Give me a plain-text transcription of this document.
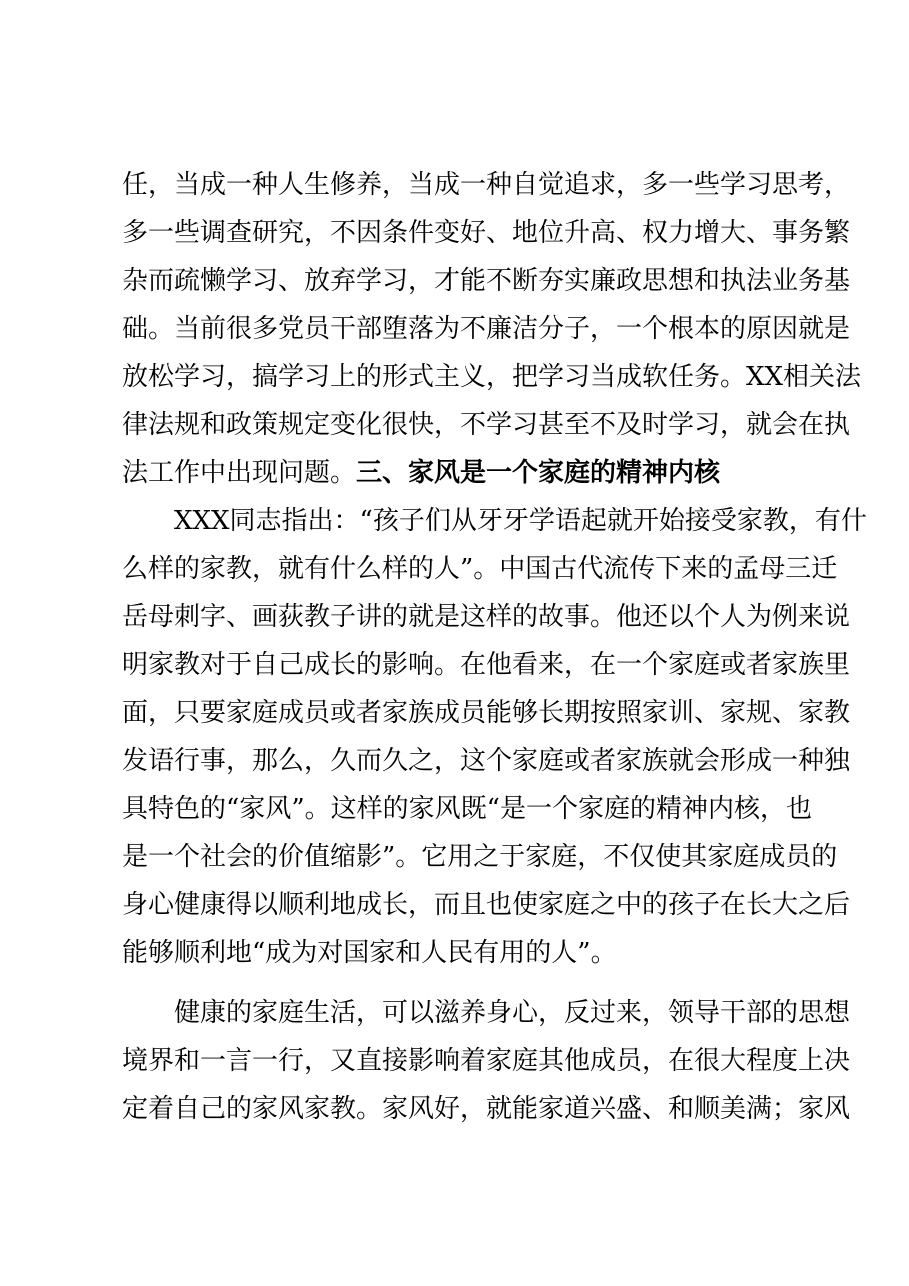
任，当成一种人生修养，当成一种自觉追求，多一些学习思考，
多一些调查研究，不因条件变好、地位升高、权力增大、事务繁
杂而疏懒学习、放弃学习，才能不断夯实廉政思想和执法业务基
础。当前很多党员干部堕落为不廉洁分子，一个根本的原因就是
放松学习，搞学习上的形式主义，把学习当成软任务。XX相关法
律法规和政策规定变化很快，不学习甚至不及时学习，就会在执
法工作中出现问题。三、家风是一个家庭的精神内核
XXX同志指出：“孩子们从牙牙学语起就开始接受家教，有什
么样的家教，就有什么样的人”。中国古代流传下来的孟母三迁
岳母刺字、画荻教子讲的就是这样的故事。他还以个人为例来说
明家教对于自己成长的影响。在他看来，在一个家庭或者家族里
面，只要家庭成员或者家族成员能够长期按照家训、家规、家教
发语行事，那么，久而久之，这个家庭或者家族就会形成一种独
具特色的“家风”。这样的家风既“是一个家庭的精神内核，也
是一个社会的价值缩影”。它用之于家庭，不仅使其家庭成员的
身心健康得以顺利地成长，而且也使家庭之中的孩子在长大之后
能够顺利地“成为对国家和人民有用的人”。
健康的家庭生活，可以滋养身心，反过来，领导干部的思想
境界和一言一行，又直接影响着家庭其他成员，在很大程度上决
定着自己的家风家教。家风好，就能家道兴盛、和顺美满；家风
